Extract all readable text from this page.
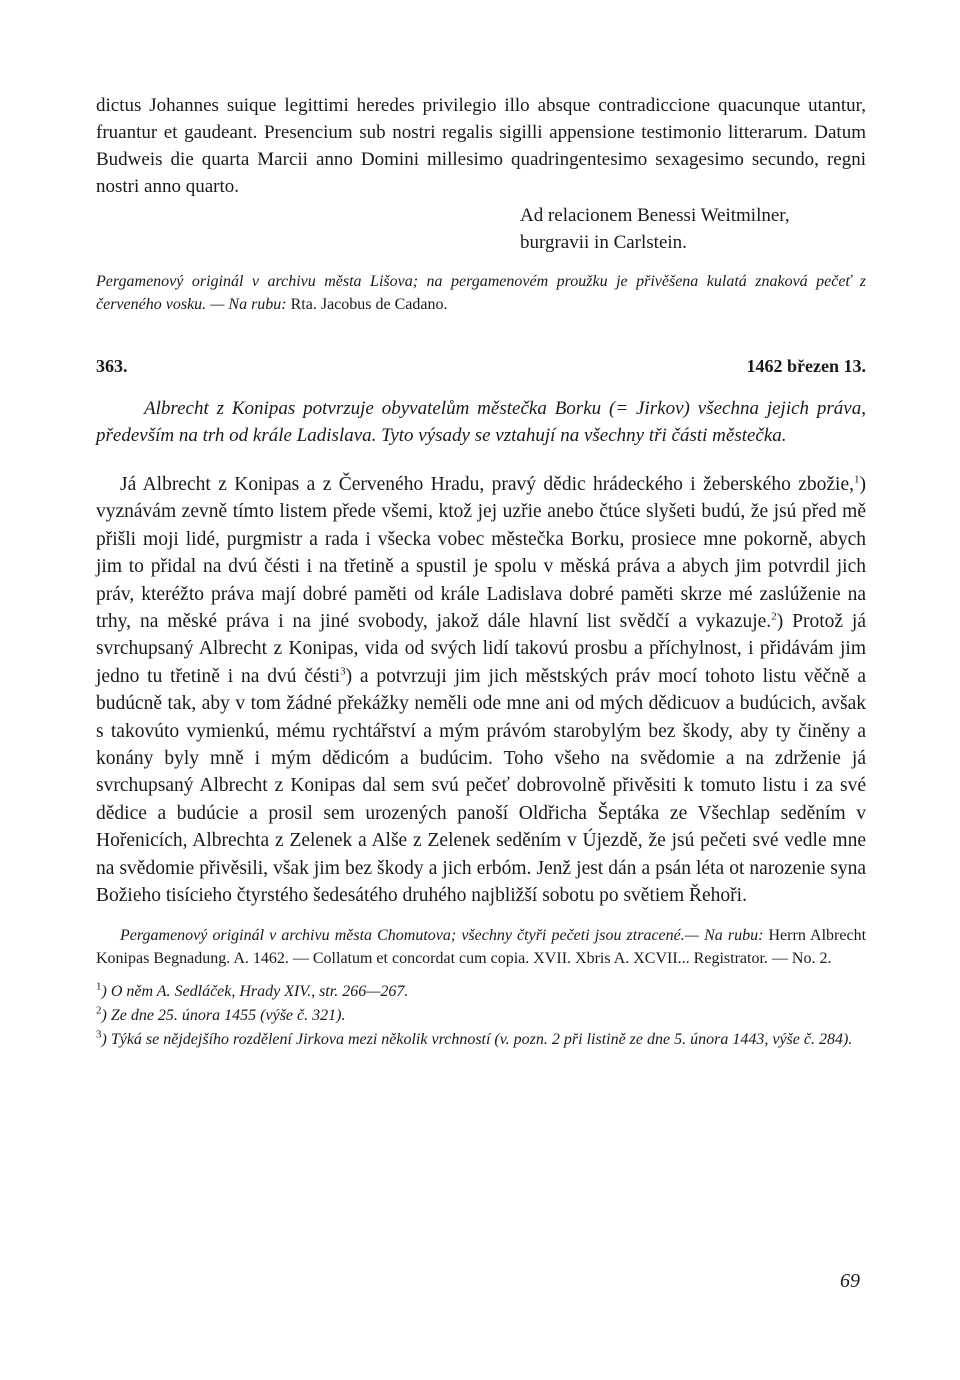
dictus Johannes suique legittimi heredes privilegio illo absque contradiccione quacunque utantur, fruantur et gaudeant. Presencium sub nostri regalis sigilli appensione testimonio litterarum. Datum Budweis die quarta Marcii anno Domini millesimo quadringentesimo sexagesimo secundo, regni nostri anno quarto.

Ad relacionem Benessi Weitmilner,
burgravii in Carlstein.

Pergamenový originál v archivu města Lišova; na pergamenovém proužku je přivěšena kulatá znaková pečeť z červeného vosku. — Na rubu: Rta. Jacobus de Cadano.

363.	1462 březen 13.

Albrecht z Konipas potvrzuje obyvatelům městečka Borku (= Jirkov) všechna jejich práva, především na trh od krále Ladislava. Tyto výsady se vztahují na všechny tři části městečka.

Já Albrecht z Konipas a z Červeného Hradu, pravý dědic hrádeckého i žeberského zbožie,$^1$) vyznávám zevně tímto listem přede všemi, ktož jej uzřie anebo čtúce slyšeti budú, že jsú před mě přišli moji lidé, purgmistr a rada i všecka vobec městečka Borku, prosiece mne pokorně, abych jim to přidal na dvú čésti i na třetině a spustil je spolu v měská práva a abych jim potvrdil jich práv, kteréžto práva mají dobré paměti od krále Ladislava dobré paměti skrze mé zaslúženie na trhy, na měské práva i na jiné svobody, jakož dále hlavní list svědčí a vykazuje.$^2$) Protož já svrchupsaný Albrecht z Konipas, vida od svých lidí takovú prosbu a příchylnost, i přidávám jim jedno tu třetině i na dvú čésti$^3$) a potvrzuji jim jich městských práv mocí tohoto listu věčně a budúcně tak, aby v tom žádné překážky neměli ode mne ani od mých dědicuov a budúcich, avšak s takovúto vymienkú, mému rychtářství a mým právóm starobylým bez škody, aby ty činěny a konány byly mně i mým dědicóm a budúcim. Toho všeho na svědomie a na zdrženie já svrchupsaný Albrecht z Konipas dal sem svú pečeť dobrovolně přivěsiti k tomuto listu i za své dědice a budúcie a prosil sem urozených panoší Oldřicha Šeptáka ze Všechlap seděním v Hořenicích, Albrechta z Zelenek a Alše z Zelenek seděním v Újezdě, že jsú pečeti své vedle mne na svědomie přivěsili, však jim bez škody a jich erbóm. Jenž jest dán a psán léta ot narozenie syna Božieho tisícieho čtyrstého šedesátého druhého najbližší sobotu po světiem Řehoři.

Pergamenový originál v archivu města Chomutova; všechny čtyři pečeti jsou ztracené.— Na rubu: Herrn Albrecht Konipas Begnadung. A. 1462. — Collatum et concordat cum copia. XVII. Xbris A. XCVII... Registrator. — No. 2.

$^1$) O něm A. Sedláček, Hrady XIV., str. 266—267.
$^2$) Ze dne 25. února 1455 (výše č. 321).
$^3$) Týká se nějdejšího rozdělení Jirkova mezi několik vrchností (v. pozn. 2 při listině ze dne 5. února 1443, výše č. 284).
69
